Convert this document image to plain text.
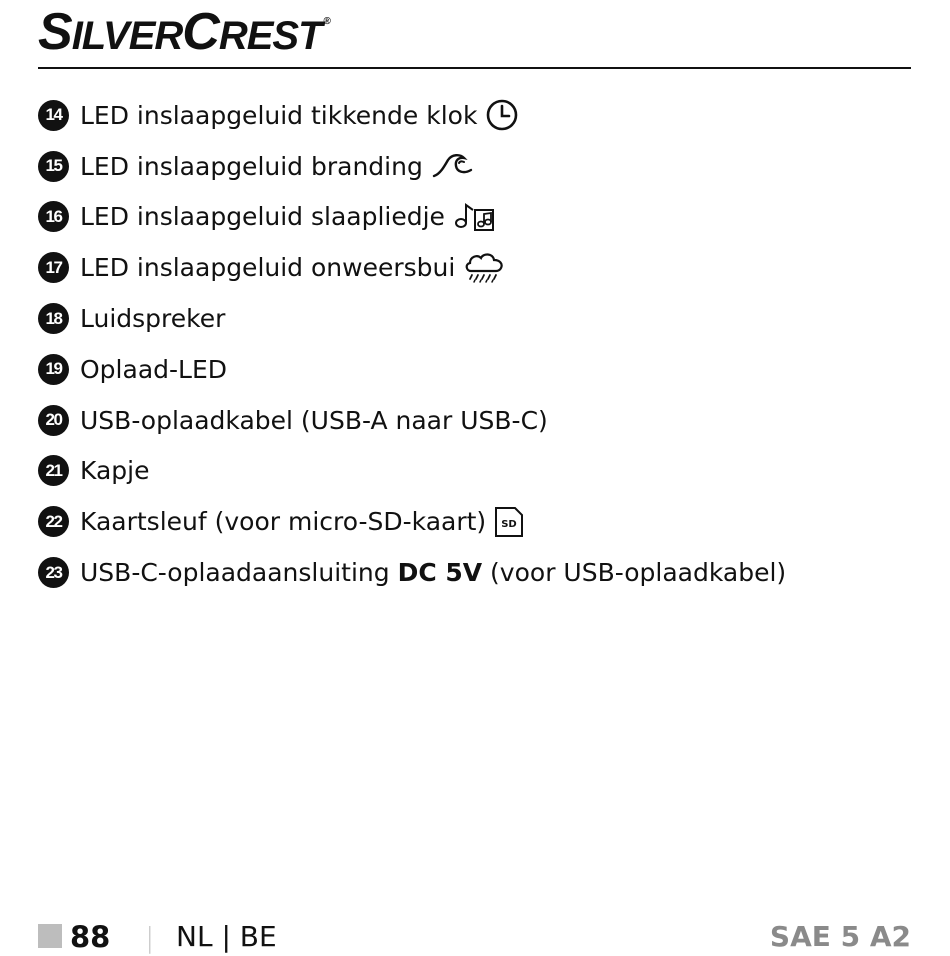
SILVERCREST ®
14 LED inslaapgeluid tikkende klok
15 LED inslaapgeluid branding
16 LED inslaapgeluid slaapliedje
17 LED inslaapgeluid onweersbui
18 Luidspreker
19 Oplaad-LED
20 USB-oplaadkabel (USB-A naar USB-C)
21 Kapje
22 Kaartsleuf (voor micro-SD-kaart) SD
23 USB-C-oplaadaansluiting DC 5V (voor USB-oplaadkabel)
88 | NL | BE	SAE 5 A2
